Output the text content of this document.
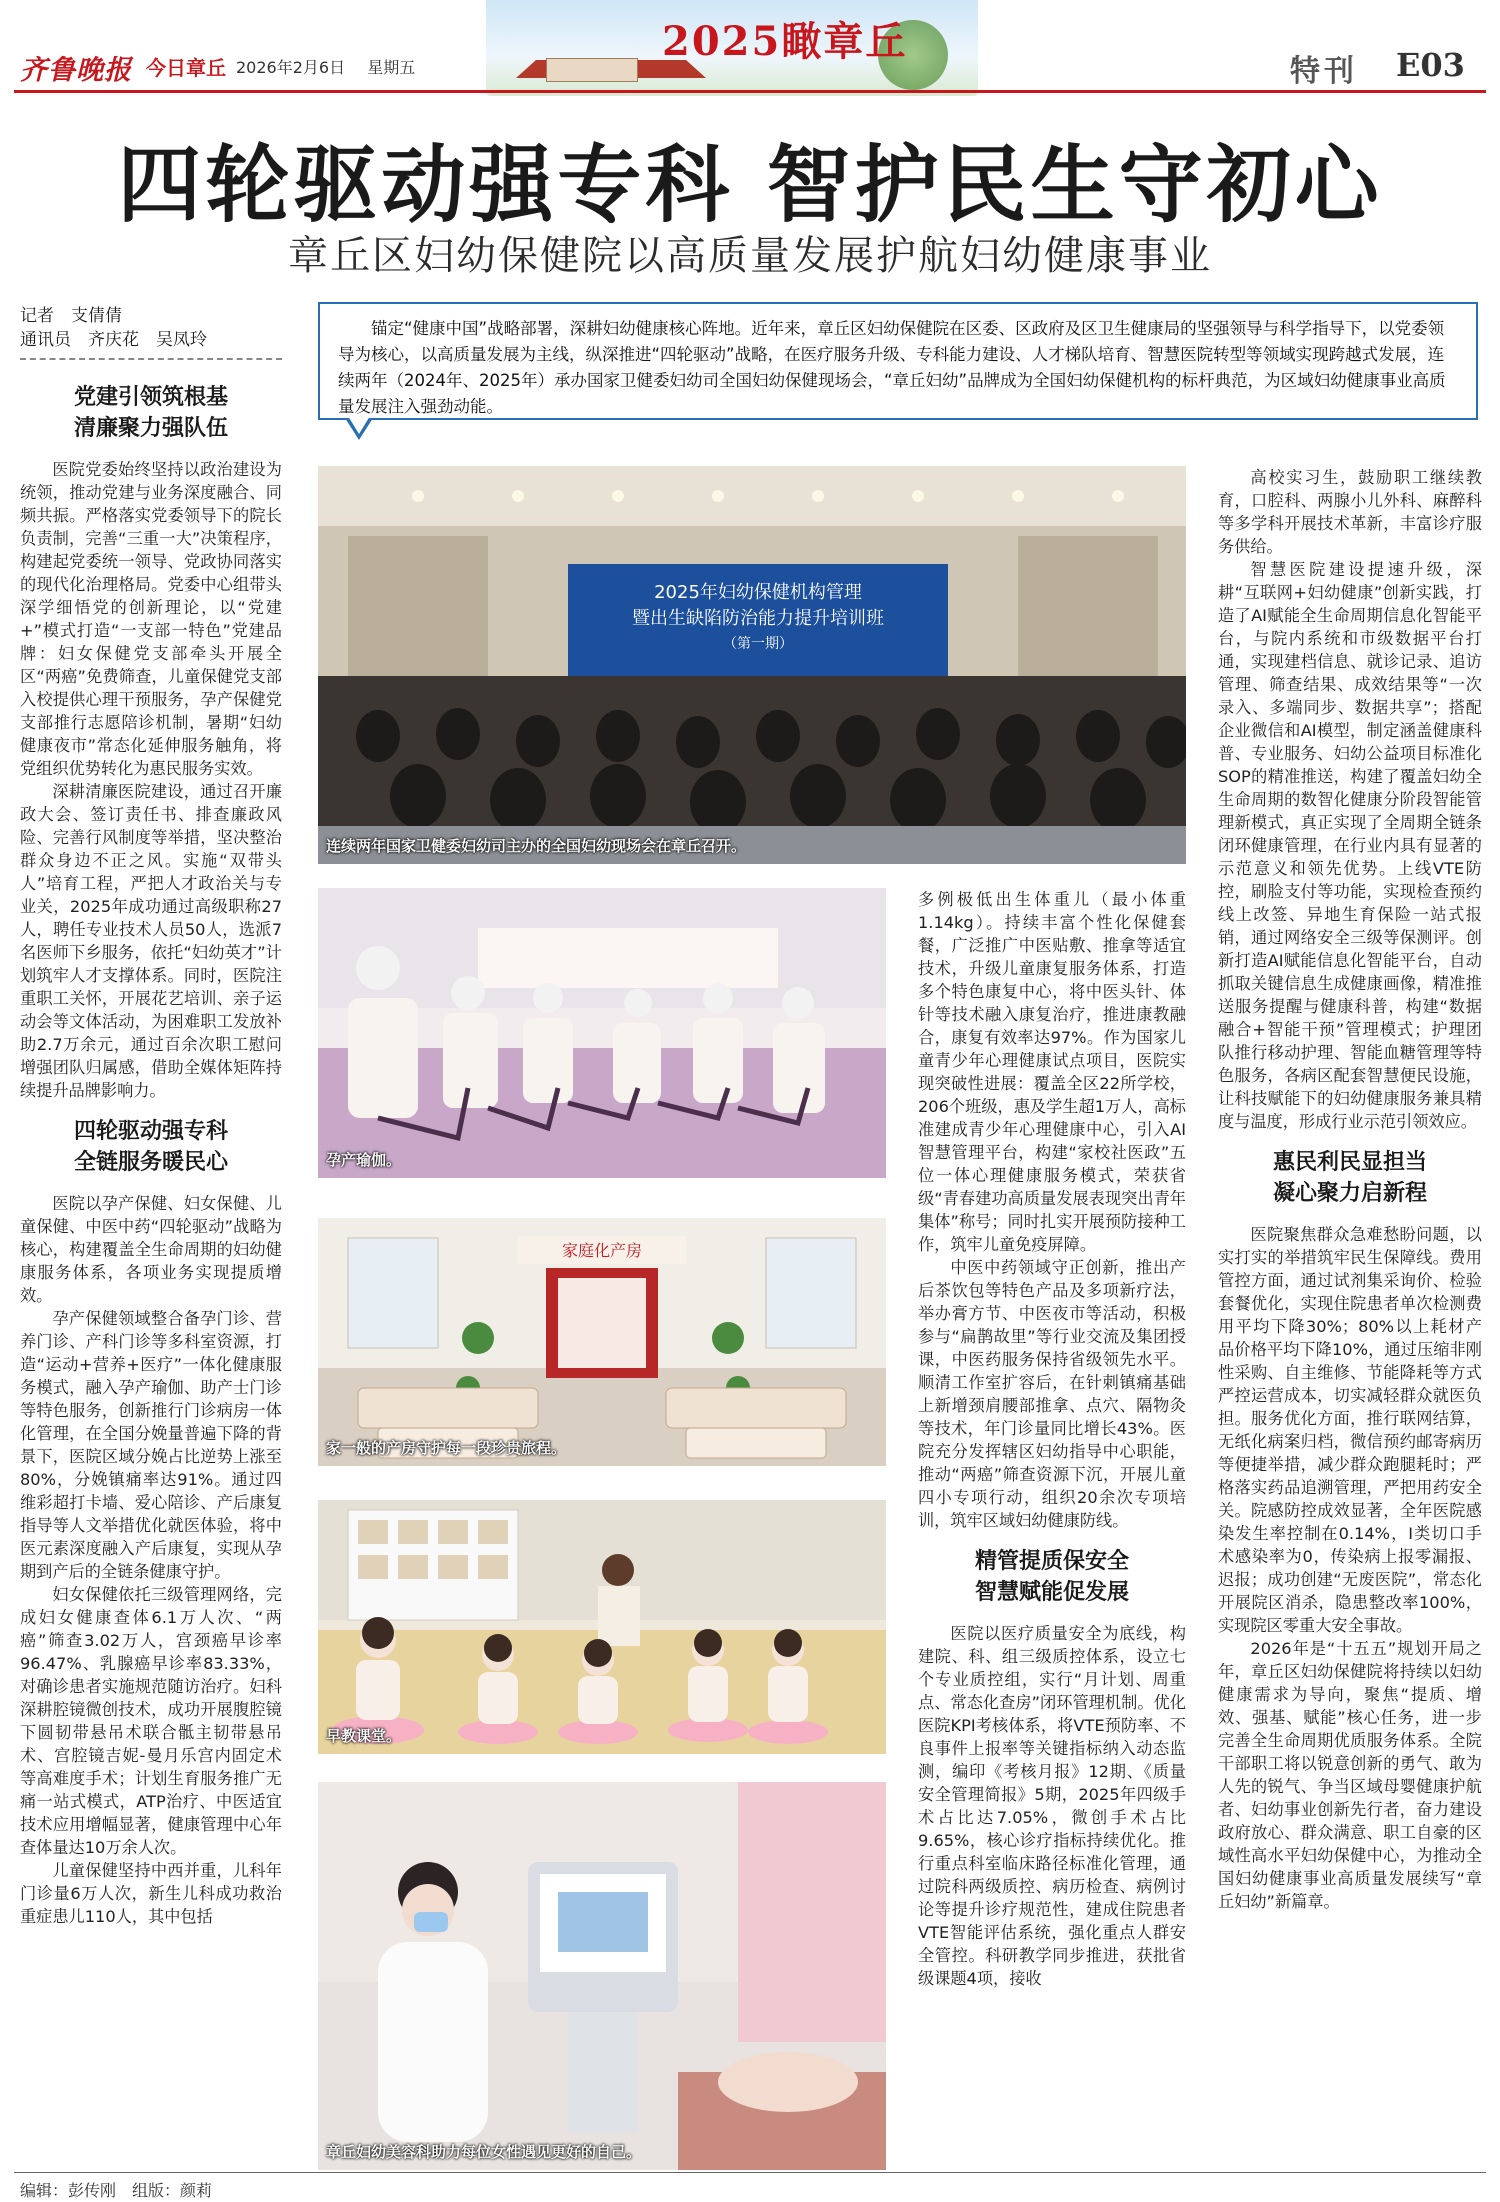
齐鲁晚报 今日章丘 2026年2月6日 星期五
2025瞰章丘
特刊 E03
四轮驱动强专科 智护民生守初心
章丘区妇幼保健院以高质量发展护航妇幼健康事业
记者　支倩倩
通讯员　齐庆花　吴凤玲
锚定“健康中国”战略部署，深耕妇幼健康核心阵地。近年来，章丘区妇幼保健院在区委、区政府及区卫生健康局的坚强领导与科学指导下，以党委领导为核心，以高质量发展为主线，纵深推进“四轮驱动”战略，在医疗服务升级、专科能力建设、人才梯队培育、智慧医院转型等领域实现跨越式发展，连续两年（2024年、2025年）承办国家卫健委妇幼司全国妇幼保健现场会，“章丘妇幼”品牌成为全国妇幼保健机构的标杆典范，为区域妇幼健康事业高质量发展注入强劲动能。
党建引领筑根基
清廉聚力强队伍

医院党委始终坚持以政治建设为统领，推动党建与业务深度融合、同频共振。严格落实党委领导下的院长负责制，完善“三重一大”决策程序，构建起党委统一领导、党政协同落实的现代化治理格局。党委中心组带头深学细悟党的创新理论，以“党建+”模式打造“一支部一特色”党建品牌：妇女保健党支部牵头开展全区“两癌”免费筛查，儿童保健党支部入校提供心理干预服务，孕产保健党支部推行志愿陪诊机制，暑期“妇幼健康夜市”常态化延伸服务触角，将党组织优势转化为惠民服务实效。

深耕清廉医院建设，通过召开廉政大会、签订责任书、排查廉政风险、完善行风制度等举措，坚决整治群众身边不正之风。实施“双带头人”培育工程，严把人才政治关与专业关，2025年成功通过高级职称27人，聘任专业技术人员50人，选派7名医师下乡服务，依托“妇幼英才”计划筑牢人才支撑体系。同时，医院注重职工关怀，开展花艺培训、亲子运动会等文体活动，为困难职工发放补助2.7万余元，通过百余次职工慰问增强团队归属感，借助全媒体矩阵持续提升品牌影响力。

四轮驱动强专科
全链服务暖民心

医院以孕产保健、妇女保健、儿童保健、中医中药“四轮驱动”战略为核心，构建覆盖全生命周期的妇幼健康服务体系，各项业务实现提质增效。

孕产保健领域整合备孕门诊、营养门诊、产科门诊等多科室资源，打造“运动+营养+医疗”一体化健康服务模式，融入孕产瑜伽、助产士门诊等特色服务，创新推行门诊病房一体化管理，在全国分娩量普遍下降的背景下，医院区域分娩占比逆势上涨至80%，分娩镇痛率达91%。通过四维彩超打卡墙、爱心陪诊、产后康复指导等人文举措优化就医体验，将中医元素深度融入产后康复，实现从孕期到产后的全链条健康守护。

妇女保健依托三级管理网络，完成妇女健康查体6.1万人次、“两癌”筛查3.02万人，宫颈癌早诊率96.47%、乳腺癌早诊率83.33%，对确诊患者实施规范随访治疗。妇科深耕腔镜微创技术，成功开展腹腔镜下圆韧带悬吊术联合骶主韧带悬吊术、宫腔镜吉妮-曼月乐宫内固定术等高难度手术；计划生育服务推广无痛一站式模式，ATP治疗、中医适宜技术应用增幅显著，健康管理中心年查体量达10万余人次。

儿童保健坚持中西并重，儿科年门诊量6万人次，新生儿科成功救治重症患儿110人，其中包括

2025年妇幼保健机构管理
暨出生缺陷防治能力提升培训班
（第一期）
连续两年国家卫健委妇幼司主办的全国妇幼现场会在章丘召开。

高校实习生，鼓励职工继续教育，口腔科、两腺小儿外科、麻醉科等多学科开展技术革新，丰富诊疗服务供给。

智慧医院建设提速升级，深耕“互联网+妇幼健康”创新实践，打造了AI赋能全生命周期信息化智能平台，与院内系统和市级数据平台打通，实现建档信息、就诊记录、追访管理、筛查结果、成效结果等“一次录入、多端同步、数据共享”；搭配企业微信和AI模型，制定涵盖健康科普、专业服务、妇幼公益项目标准化SOP的精准推送，构建了覆盖妇幼全生命周期的数智化健康分阶段智能管理新模式，真正实现了全周期全链条闭环健康管理，在行业内具有显著的示范意义和领先优势。上线VTE防控，刷脸支付等功能，实现检查预约线上改签、异地生育保险一站式报销，通过网络安全三级等保测评。创新打造AI赋能信息化智能平台，自动抓取关键信息生成健康画像，精准推送服务提醒与健康科普，构建“数据融合+智能干预”管理模式；护理团队推行移动护理、智能血糖管理等特色服务，各病区配套智慧便民设施，让科技赋能下的妇幼健康服务兼具精度与温度，形成行业示范引领效应。

惠民利民显担当
凝心聚力启新程

医院聚焦群众急难愁盼问题，以实打实的举措筑牢民生保障线。费用管控方面，通过试剂集采询价、检验套餐优化，实现住院患者单次检测费用平均下降30%；80%以上耗材产品价格平均下降10%，通过压缩非刚性采购、自主维修、节能降耗等方式严控运营成本，切实减轻群众就医负担。服务优化方面，推行联网结算，无纸化病案归档，微信预约邮寄病历等便捷举措，减少群众跑腿耗时；严格落实药品追溯管理，严把用药安全关。院感防控成效显著，全年医院感染发生率控制在0.14%，I类切口手术感染率为0，传染病上报零漏报、迟报；成功创建“无废医院”，常态化开展院区消杀，隐患整改率100%，实现院区零重大安全事故。

2026年是“十五五”规划开局之年，章丘区妇幼保健院将持续以妇幼健康需求为导向，聚焦“提质、增效、强基、赋能”核心任务，进一步完善全生命周期优质服务体系。全院干部职工将以锐意创新的勇气、敢为人先的锐气、争当区域母婴健康护航者、妇幼事业创新先行者，奋力建设政府放心、群众满意、职工自豪的区域性高水平妇幼保健中心，为推动全国妇幼健康事业高质量发展续写“章丘妇幼”新篇章。

孕产瑜伽。
家庭化产房
家一般的产房守护每一段珍贵旅程。
早教课堂。
章丘妇幼美容科助力每位女性遇见更好的自己。

多例极低出生体重儿（最小体重1.14kg）。持续丰富个性化保健套餐，广泛推广中医贴敷、推拿等适宜技术，升级儿童康复服务体系，打造多个特色康复中心，将中医头针、体针等技术融入康复治疗，推进康教融合，康复有效率达97%。作为国家儿童青少年心理健康试点项目，医院实现突破性进展：覆盖全区22所学校，206个班级，惠及学生超1万人，高标准建成青少年心理健康中心，引入AI智慧管理平台，构建“家校社医政”五位一体心理健康服务模式，荣获省级“青春建功高质量发展表现突出青年集体”称号；同时扎实开展预防接种工作，筑牢儿童免疫屏障。

中医中药领域守正创新，推出产后茶饮包等特色产品及多项新疗法，举办膏方节、中医夜市等活动，积极参与“扁鹊故里”等行业交流及集团授课，中医药服务保持省级领先水平。顺清工作室扩容后，在针刺镇痛基础上新增颈肩腰部推拿、点穴、隔物灸等技术，年门诊量同比增长43%。医院充分发挥辖区妇幼指导中心职能，推动“两癌”筛查资源下沉，开展儿童四小专项行动，组织20余次专项培训，筑牢区域妇幼健康防线。

精管提质保安全
智慧赋能促发展

医院以医疗质量安全为底线，构建院、科、组三级质控体系，设立七个专业质控组，实行“月计划、周重点、常态化查房”闭环管理机制。优化医院KPI考核体系，将VTE预防率、不良事件上报率等关键指标纳入动态监测，编印《考核月报》12期、《质量安全管理简报》5期，2025年四级手术占比达7.05%，微创手术占比9.65%，核心诊疗指标持续优化。推行重点科室临床路径标准化管理，通过院科两级质控、病历检查、病例讨论等提升诊疗规范性，建成住院患者VTE智能评估系统，强化重点人群安全管控。科研教学同步推进，获批省级课题4项，接收

编辑：彭传刚　组版：颜莉
